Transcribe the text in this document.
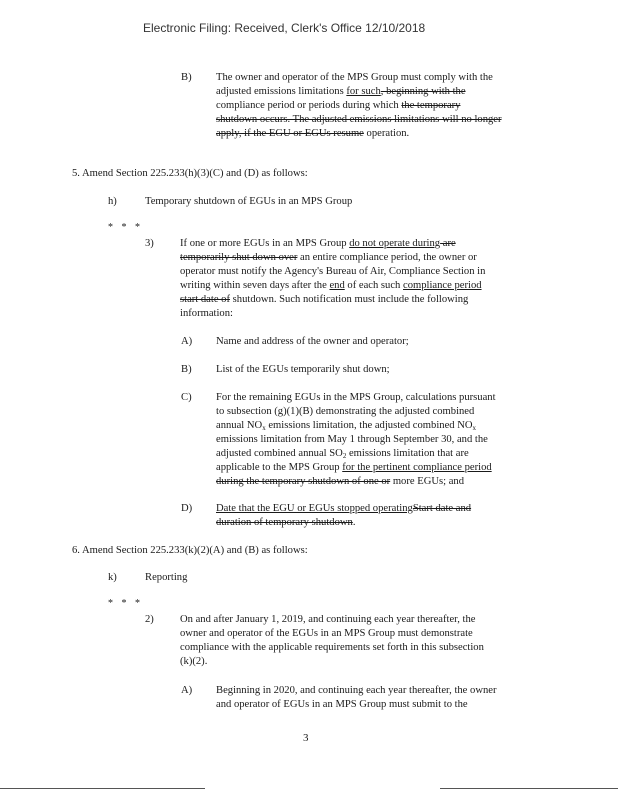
Electronic Filing: Received, Clerk's Office 12/10/2018
B) The owner and operator of the MPS Group must comply with the
adjusted emissions limitations for such, beginning with the
compliance period or periods during which the temporary
shutdown occurs. The adjusted emissions limitations will no longer
apply, if the EGU or EGUs resume operation.
5. Amend Section 225.233(h)(3)(C) and (D) as follows:
h)	Temporary shutdown of EGUs in an MPS Group
* * *
3) If one or more EGUs in an MPS Group do not operate during are
temporarily shut down over an entire compliance period, the owner or
operator must notify the Agency's Bureau of Air, Compliance Section in
writing within seven days after the end of each such compliance period
start date of shutdown. Such notification must include the following
information:
A) Name and address of the owner and operator;
B) List of the EGUs temporarily shut down;
C) For the remaining EGUs in the MPS Group, calculations pursuant
to subsection (g)(1)(B) demonstrating the adjusted combined
annual $NO_x$ emissions limitation, the adjusted combined $NO_x$
emissions limitation from May 1 through September 30, and the
adjusted combined annual $SO_2$ emissions limitation that are
applicable to the MPS Group for the pertinent compliance period
during the temporary shutdown of one or more EGUs; and
D) Date that the EGU or EGUs stopped operatingStart date and
duration of temporary shutdown.
6. Amend Section 225.233(k)(2)(A) and (B) as follows:
k)	Reporting
* * *
2) On and after January 1, 2019, and continuing each year thereafter, the
owner and operator of the EGUs in an MPS Group must demonstrate
compliance with the applicable requirements set forth in this subsection
(k)(2).
A) Beginning in 2020, and continuing each year thereafter, the owner
and operator of EGUs in an MPS Group must submit to the
3
